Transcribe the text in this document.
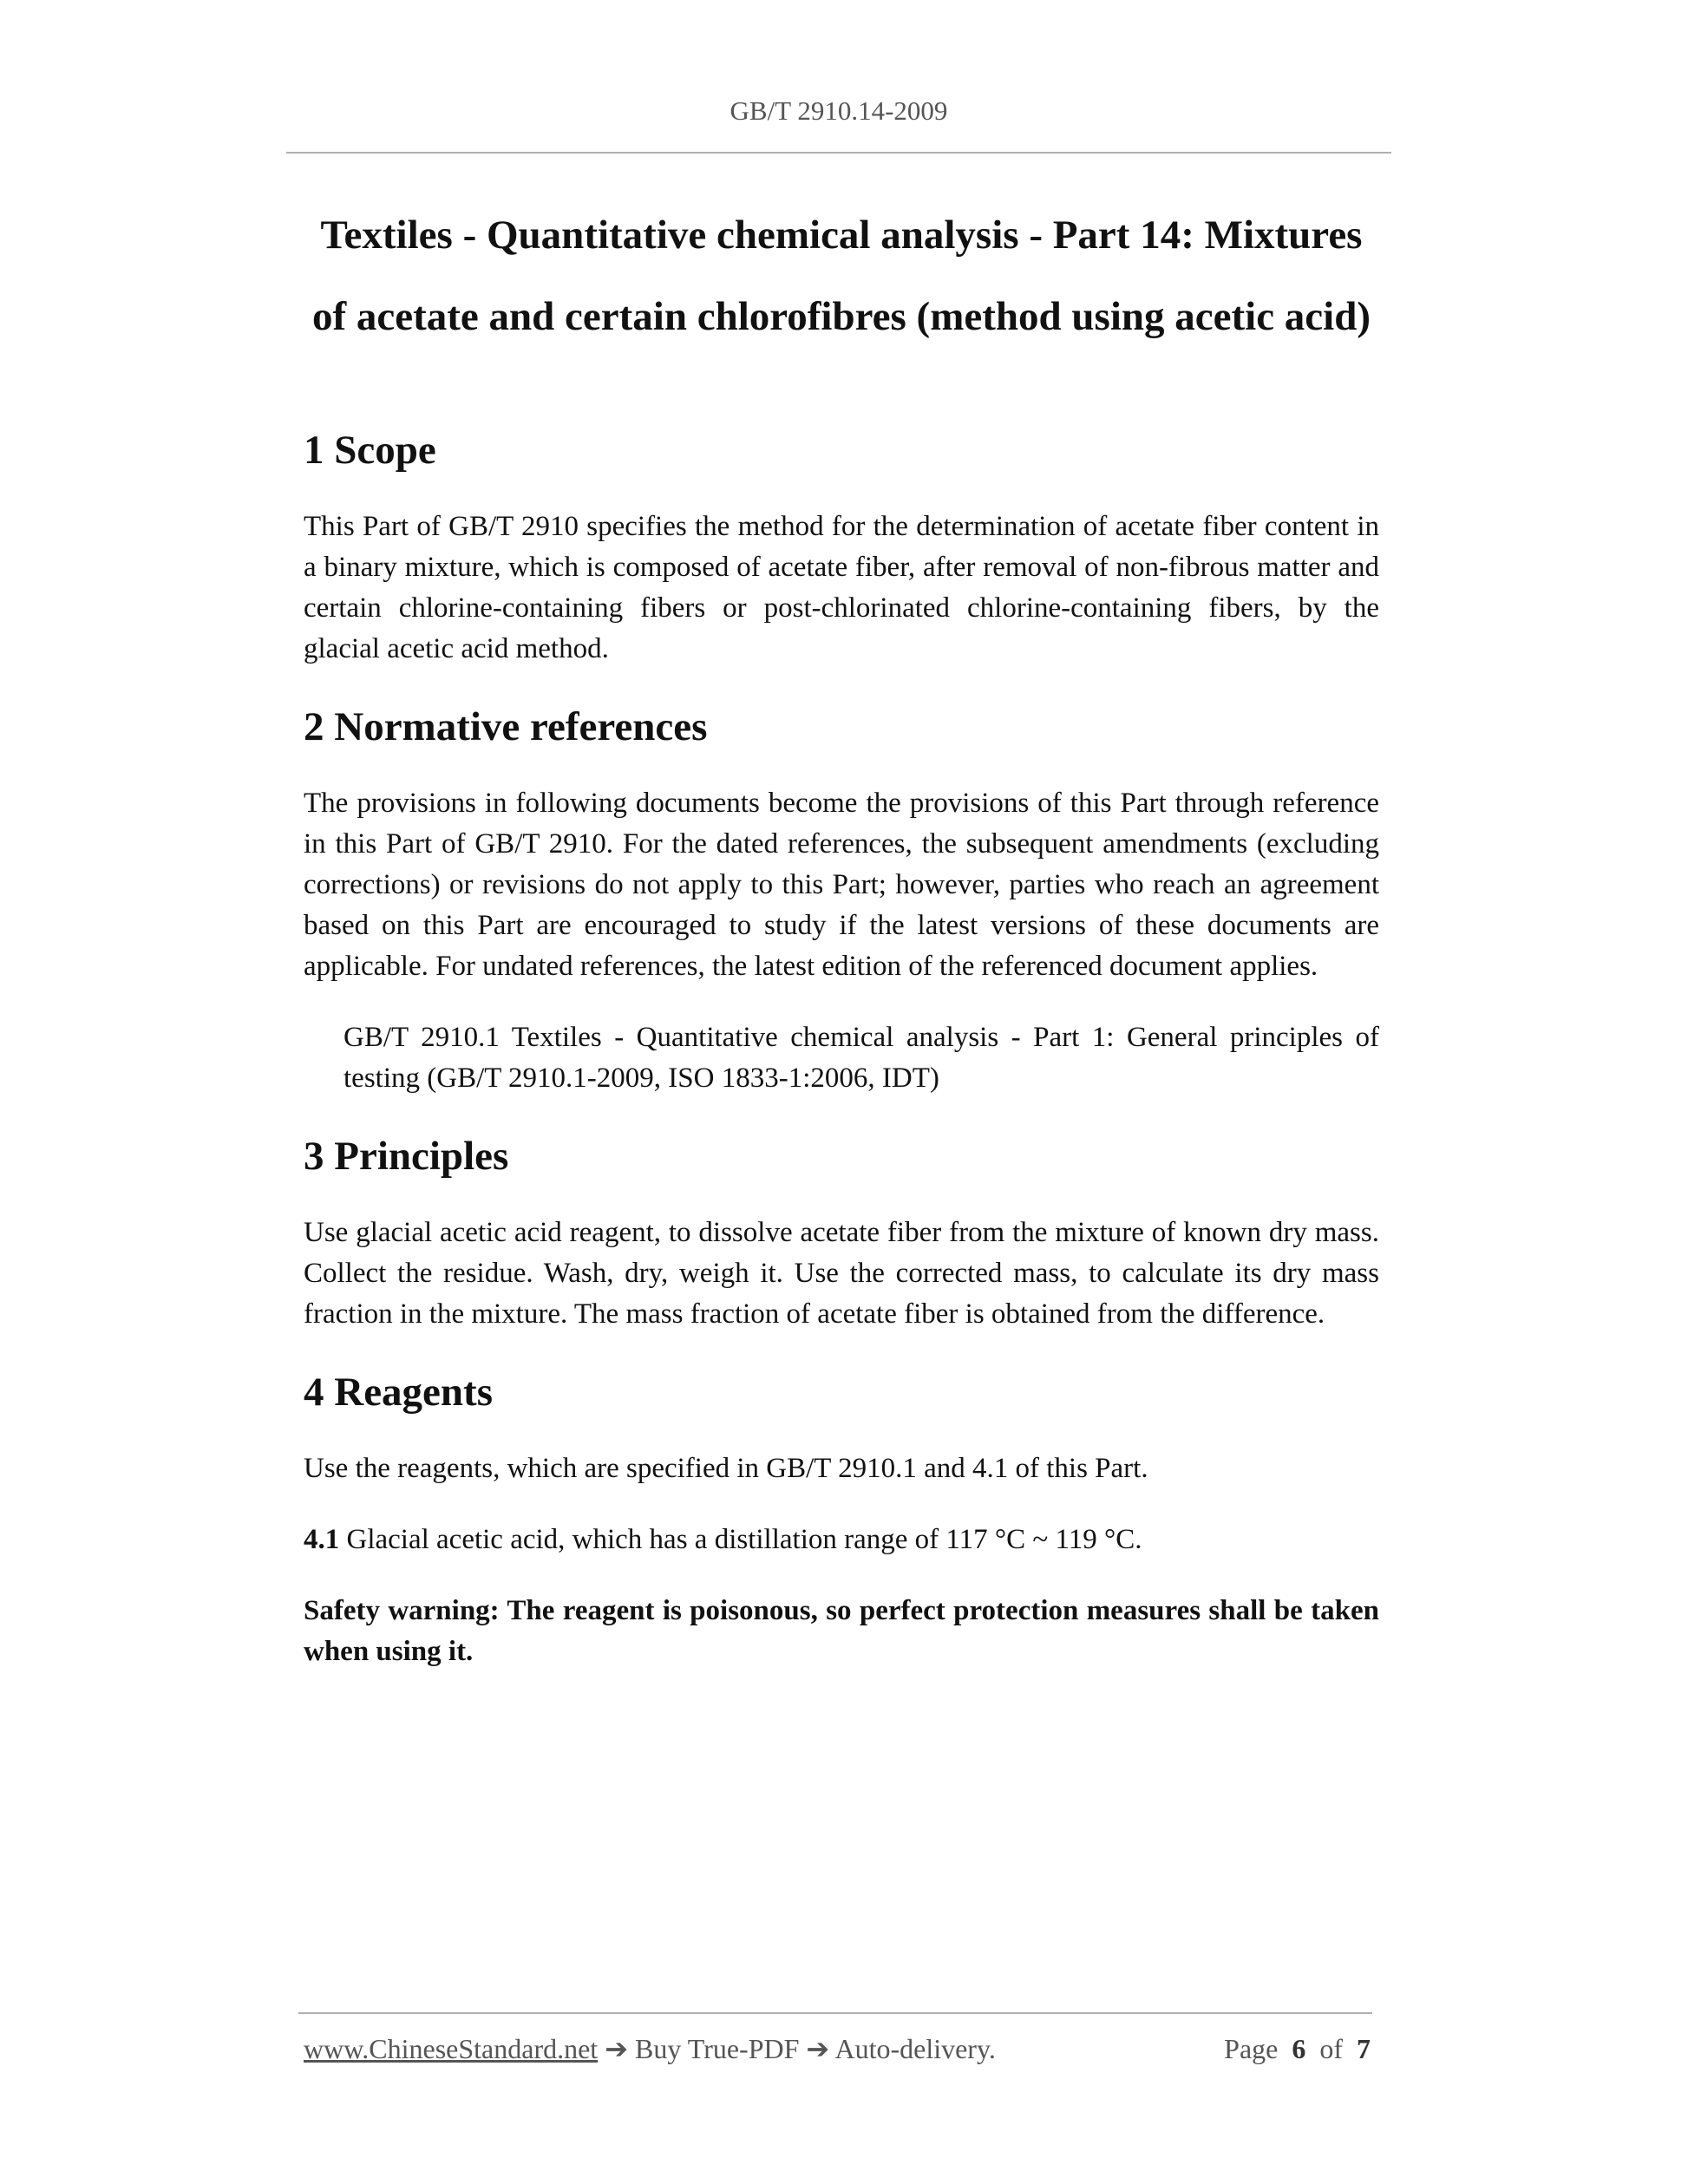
GB/T 2910.14-2009
Textiles - Quantitative chemical analysis - Part 14: Mixtures
of acetate and certain chlorofibres (method using acetic acid)
1 Scope

This Part of GB/T 2910 specifies the method for the determination of acetate fiber content in a binary mixture, which is composed of acetate fiber, after removal of non-fibrous matter and certain chlorine-containing fibers or post-chlorinated chlorine-containing fibers, by the glacial acetic acid method.

2 Normative references

The provisions in following documents become the provisions of this Part through reference in this Part of GB/T 2910. For the dated references, the subsequent amendments (excluding corrections) or revisions do not apply to this Part; however, parties who reach an agreement based on this Part are encouraged to study if the latest versions of these documents are applicable. For undated references, the latest edition of the referenced document applies.

GB/T 2910.1 Textiles - Quantitative chemical analysis - Part 1: General principles of testing (GB/T 2910.1-2009, ISO 1833-1:2006, IDT)

3 Principles

Use glacial acetic acid reagent, to dissolve acetate fiber from the mixture of known dry mass. Collect the residue. Wash, dry, weigh it. Use the corrected mass, to calculate its dry mass fraction in the mixture. The mass fraction of acetate fiber is obtained from the difference.

4 Reagents

Use the reagents, which are specified in GB/T 2910.1 and 4.1 of this Part.

4.1 Glacial acetic acid, which has a distillation range of 117 °C ~ 119 °C.

Safety warning: The reagent is poisonous, so perfect protection measures shall be taken when using it.

www.ChineseStandard.net ➔ Buy True-PDF ➔ Auto-delivery.	Page 6 of 7
